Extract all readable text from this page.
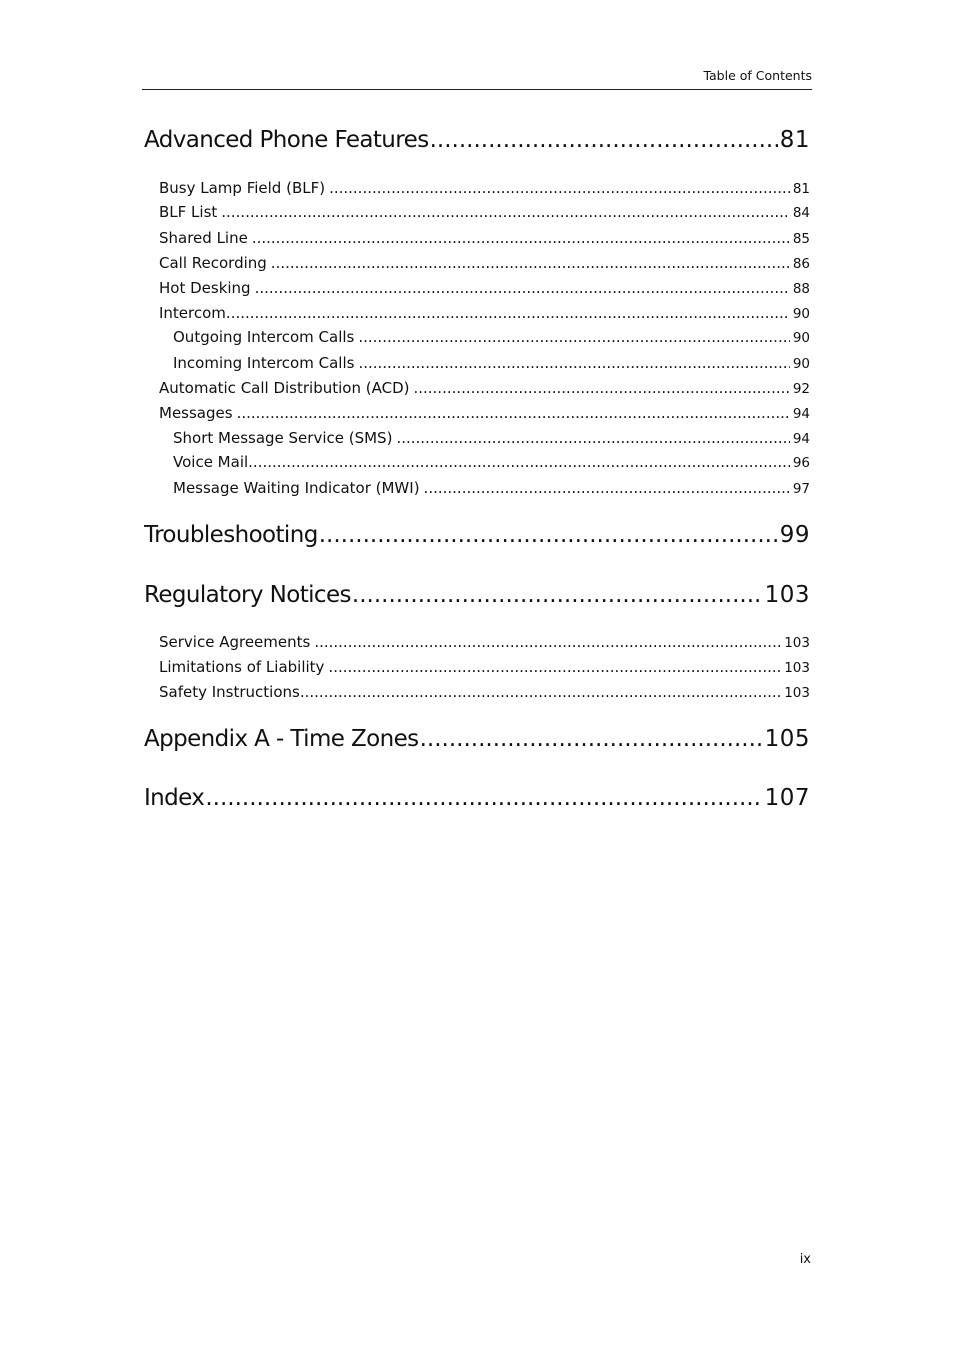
Table of Contents
Advanced Phone Features .....	81
Busy Lamp Field (BLF) .....	81
BLF List .....	84
Shared Line .....	85
Call Recording .....	86
Hot Desking .....	88
Intercom .....	90
Outgoing Intercom Calls .....	90
Incoming Intercom Calls .....	90
Automatic Call Distribution (ACD) .....	92
Messages .....	94
Short Message Service (SMS) .....	94
Voice Mail .....	96
Message Waiting Indicator (MWI) .....	97
Troubleshooting .....	99
Regulatory Notices .....	103
Service Agreements .....	103
Limitations of Liability .....	103
Safety Instructions .....	103
Appendix A - Time Zones .....	105
Index .....	107
ix
